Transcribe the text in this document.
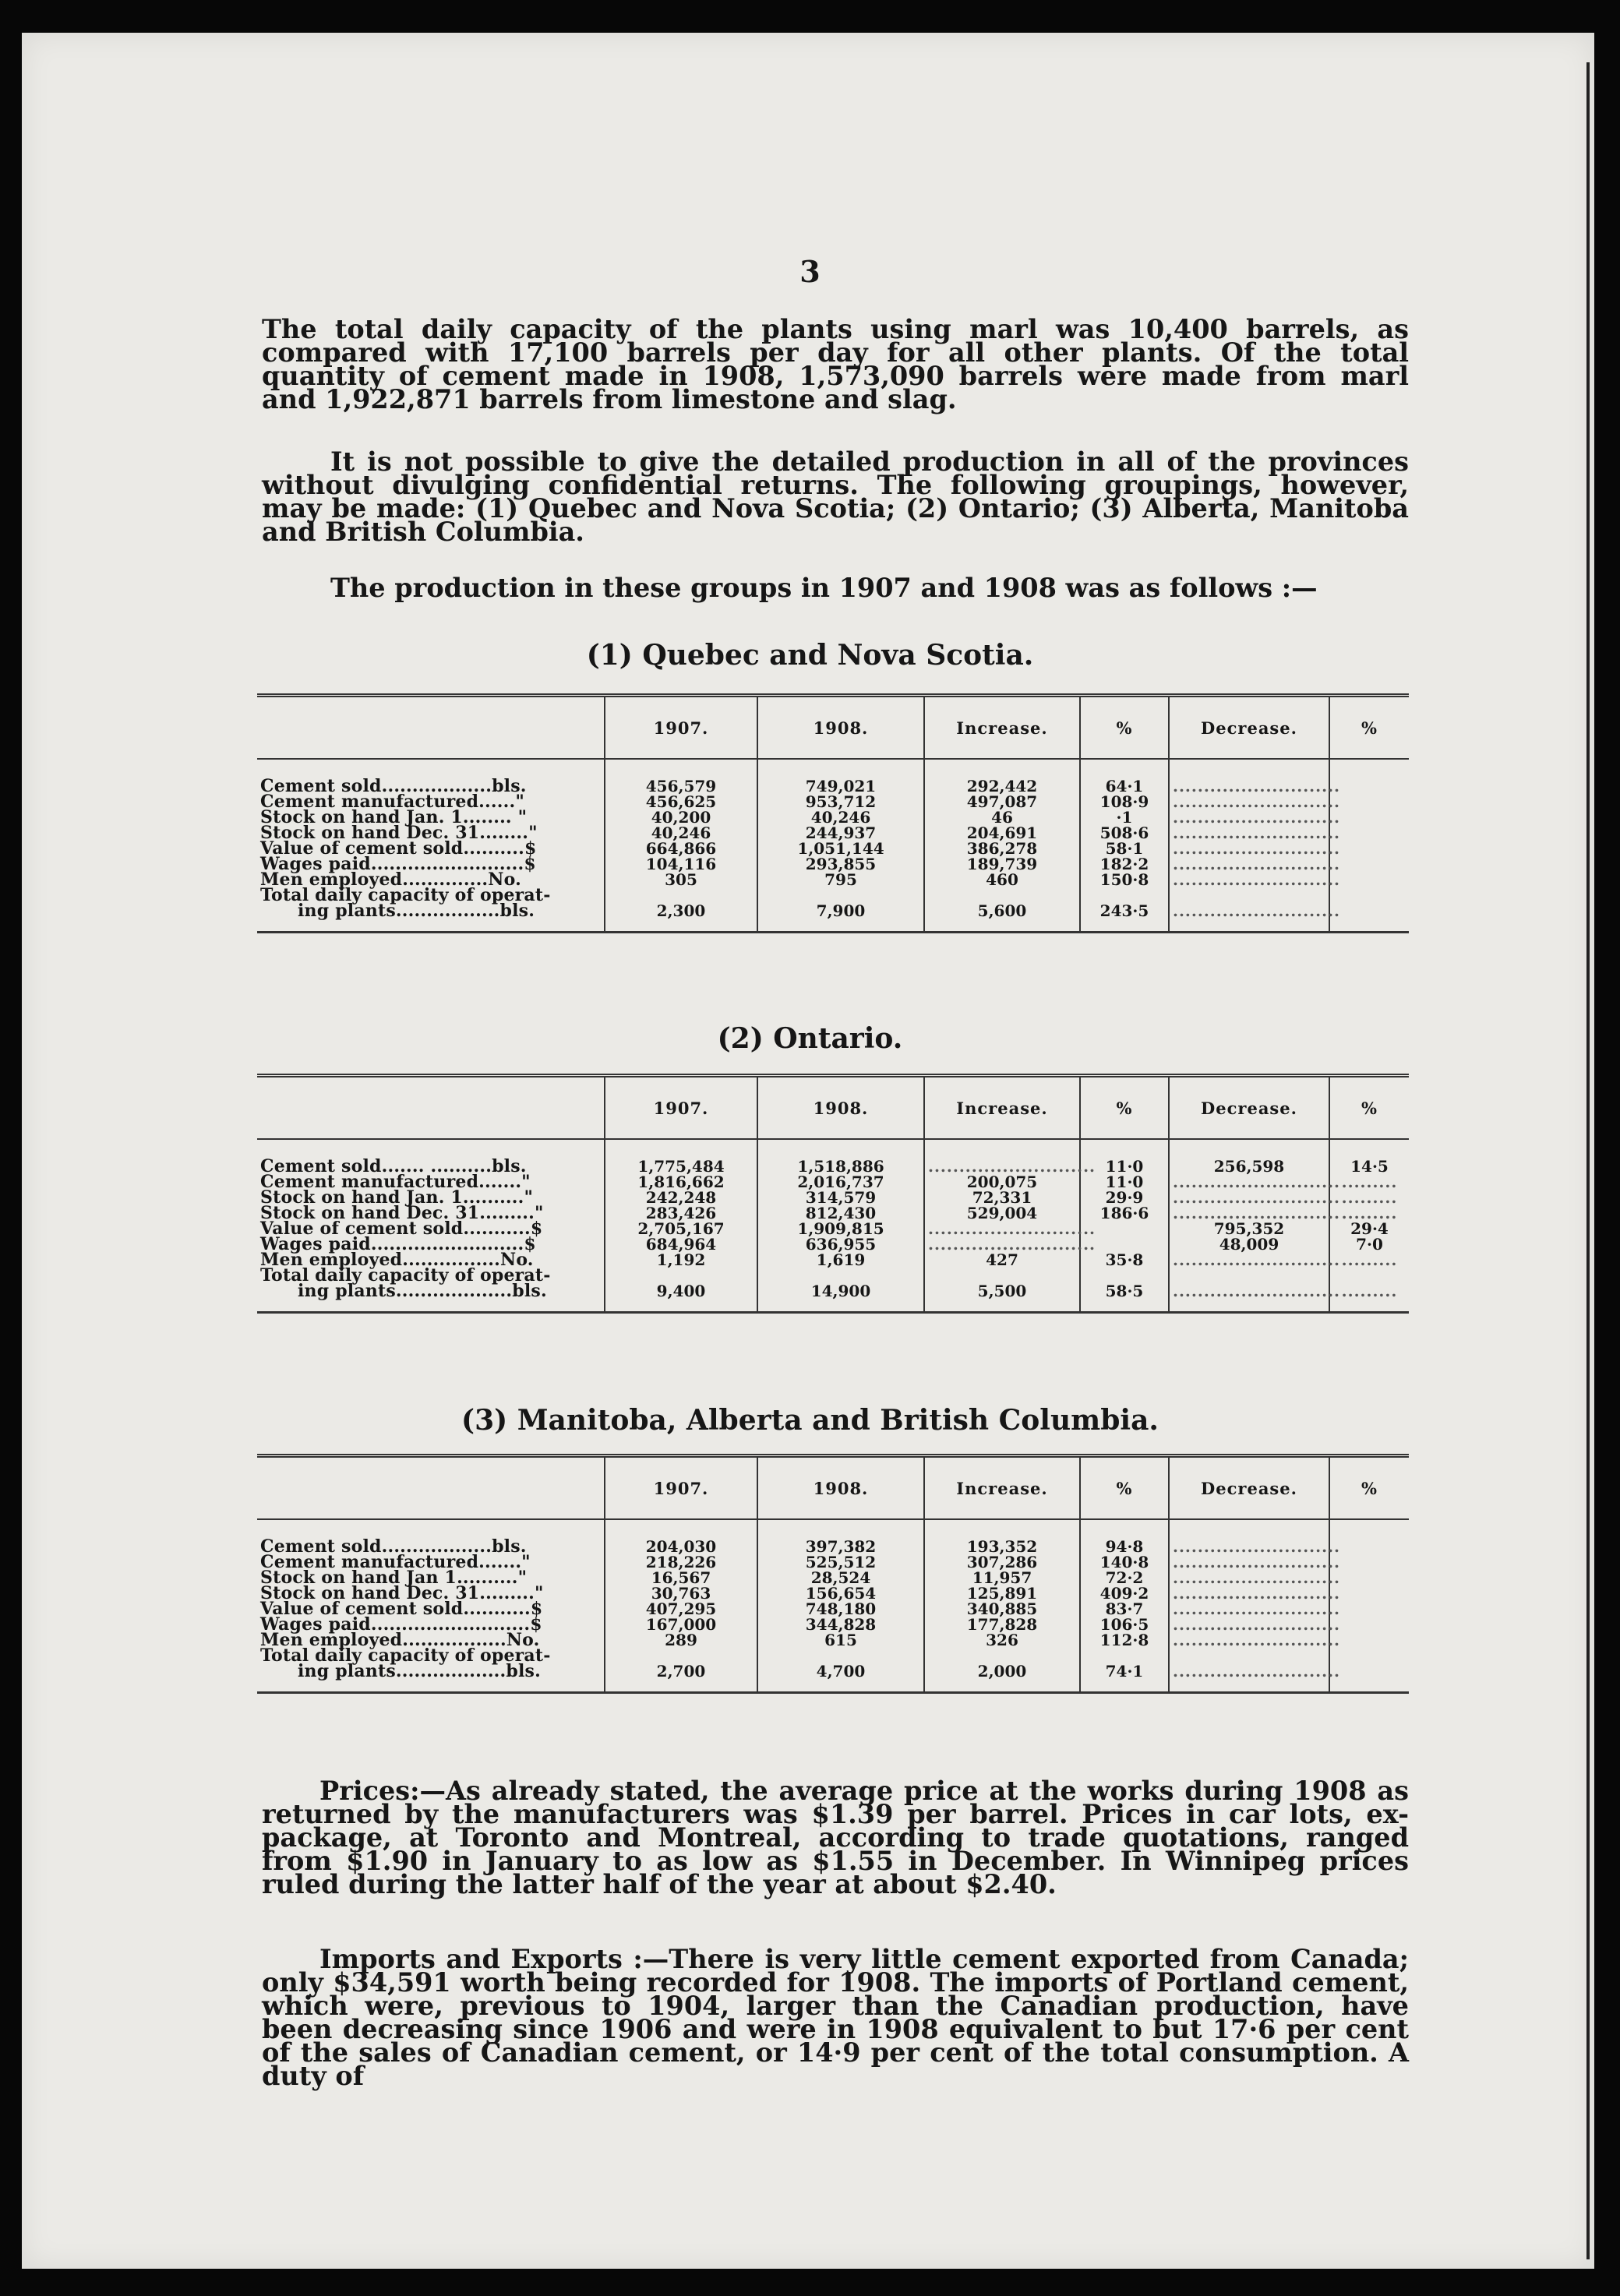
3

The total daily capacity of the plants using marl was 10,400 barrels, as compared with 17,100 barrels per day for all other plants. Of the total quantity of cement made in 1908, 1,573,090 barrels were made from marl and 1,922,871 barrels from limestone and slag.

It is not possible to give the detailed production in all of the provinces without divulging confidential returns. The following groupings, however, may be made: (1) Quebec and Nova Scotia; (2) Ontario; (3) Alberta, Manitoba and British Columbia.

The production in these groups in 1907 and 1908 was as follows :—

(1) Quebec and Nova Scotia.
	1907.	1908.	Increase.	%	Decrease.	%
Cement sold..................bls.	456,579	749,021	292,442	64·1	...........................	
Cement manufactured......"	456,625	953,712	497,087	108·9	...........................	
Stock on hand Jan. 1........ "	40,200	40,246	46	·1	...........................	
Stock on hand Dec. 31........"	40,246	244,937	204,691	508·6	...........................	
Value of cement sold..........$	664,866	1,051,144	386,278	58·1	...........................	
Wages paid.........................$	104,116	293,855	189,739	182·2	...........................	
Men employed..............No.	305	795	460	150·8	...........................	
Total daily capacity of operat-						

ing plants.................bls.	2,300	7,900	5,600	243·5	...........................	
(2) Ontario.
	1907.	1908.	Increase.	%	Decrease.	%
Cement sold....... ..........bls.	1,775,484	1,518,886	...........................	11·0	256,598	14·5
Cement manufactured......."	1,816,662	2,016,737	200,075	11·0	...........................	.........
Stock on hand Jan. 1.........."	242,248	314,579	72,331	29·9	...........................	.........
Stock on hand Dec. 31........."	283,426	812,430	529,004	186·6	...........................	.........
Value of cement sold...........$	2,705,167	1,909,815	...........................		795,352	29·4
Wages paid.........................$	684,964	636,955	...........................		48,009	7·0
Men employed................No.	1,192	1,619	427	35·8	...........................	.........
Total daily capacity of operat-						

ing plants...................bls.	9,400	14,900	5,500	58·5	...........................	.........
(3) Manitoba, Alberta and British Columbia.
	1907.	1908.	Increase.	%	Decrease.	%
Cement sold..................bls.	204,030	397,382	193,352	94·8	...........................	
Cement manufactured......."	218,226	525,512	307,286	140·8	...........................	
Stock on hand Jan 1.........."	16,567	28,524	11,957	72·2	...........................	
Stock on hand Dec. 31........."	30,763	156,654	125,891	409·2	...........................	
Value of cement sold...........$	407,295	748,180	340,885	83·7	...........................	
Wages paid..........................$	167,000	344,828	177,828	106·5	...........................	
Men employed.................No.	289	615	326	112·8	...........................	
Total daily capacity of operat-						

ing plants..................bls.	2,700	4,700	2,000	74·1	...........................	

Prices:—As already stated, the average price at the works during 1908 as returned by the manufacturers was $1.39 per barrel. Prices in car lots, ex-package, at Toronto and Montreal, according to trade quotations, ranged from $1.90 in January to as low as $1.55 in December. In Winnipeg prices ruled during the latter half of the year at about $2.40.

Imports and Exports :—There is very little cement exported from Canada; only $34,591 worth being recorded for 1908. The imports of Portland cement, which were, previous to 1904, larger than the Canadian production, have been decreasing since 1906 and were in 1908 equivalent to but 17·6 per cent of the sales of Canadian cement, or 14·9 per cent of the total consumption. A duty of
